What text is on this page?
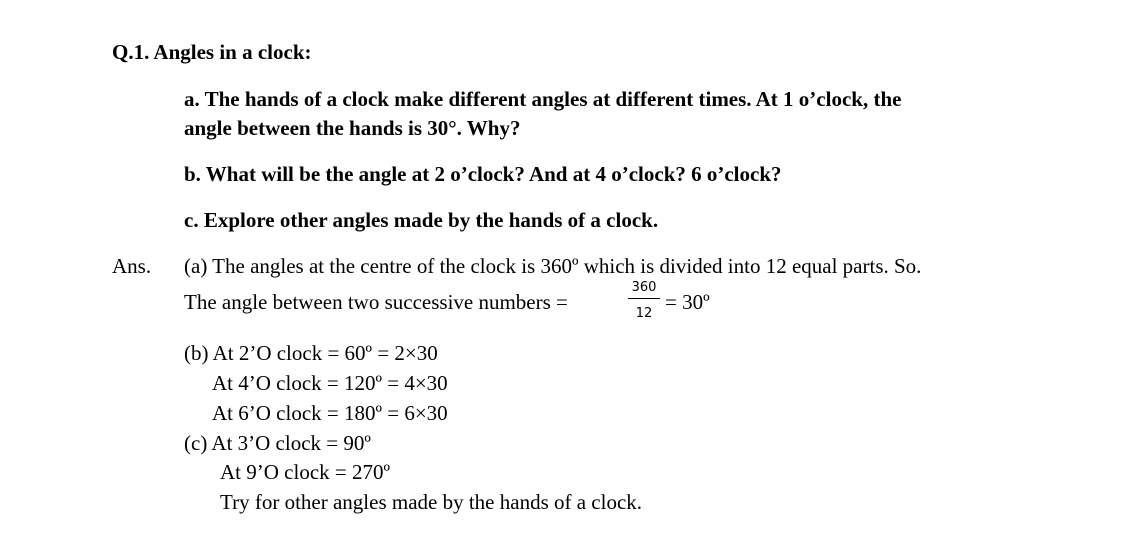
Q.1. Angles in a clock:
a. The hands of a clock make different angles at different times. At 1 o’clock, the
angle between the hands is 30°. Why?
b. What will be the angle at 2 o’clock? And at 4 o’clock? 6 o’clock?
c. Explore other angles made by the hands of a clock.
Ans. (a) The angles at the centre of the clock is 360º which is divided into 12 equal parts. So.
The angle between two successive numbers =	$\frac{360}{12}$ = 30º
(b) At 2’O clock = 60º = 2×30
At 4’O clock = 120º = 4×30
At 6’O clock = 180º = 6×30
(c) At 3’O clock = 90º
At 9’O clock = 270º
Try for other angles made by the hands of a clock.
